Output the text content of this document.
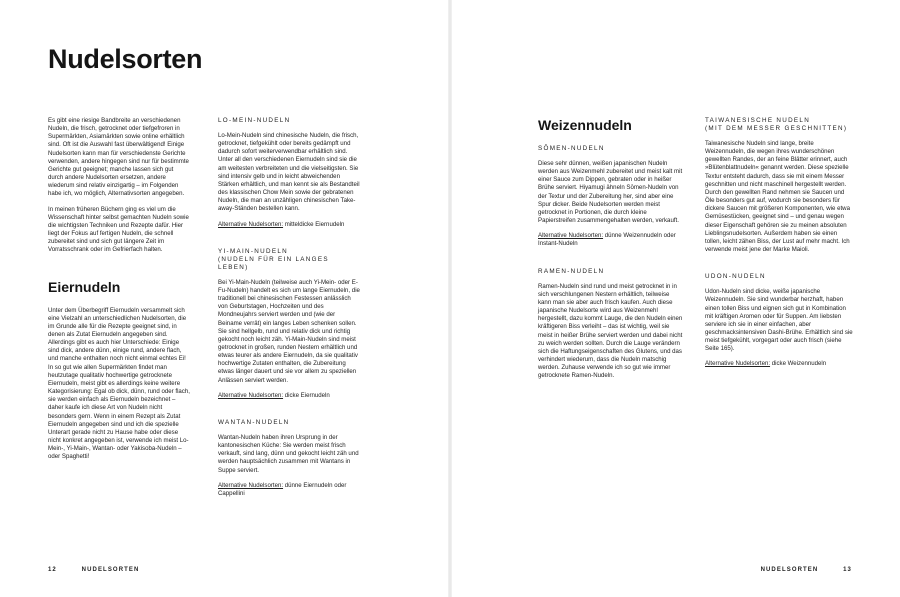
Nudelsorten

Es gibt eine riesige Bandbreite an verschiedenen Nudeln, die frisch, getrocknet oder tiefgefroren in Supermärkten, Asiamärkten sowie online erhältlich sind. Oft ist die Auswahl fast überwältigend! Einige Nudelsorten kann man für verschiedenste Gerichte verwenden, andere hingegen sind nur für bestimmte Gerichte gut geeignet; manche lassen sich gut durch andere Nudelsorten ersetzen, andere wiederum sind relativ einzigartig – im Folgenden habe ich, wo möglich, Alternativsorten angegeben.

In meinen früheren Büchern ging es viel um die Wissenschaft hinter selbst gemachten Nudeln sowie die wichtigsten Techniken und Rezepte dafür. Hier liegt der Fokus auf fertigen Nudeln, die schnell zubereitet sind und sich gut längere Zeit im Vorratsschrank oder im Gefrierfach halten.

Eiernudeln

Unter dem Überbegriff Eiernudeln versammelt sich eine Vielzahl an unterschiedlichen Nudelsorten, die im Grunde alle für die Rezepte geeignet sind, in denen als Zutat Eiernudeln angegeben sind. Allerdings gibt es auch hier Unterschiede: Einige sind dick, andere dünn, einige rund, andere flach, und manche enthalten noch nicht einmal echtes Ei! In so gut wie allen Supermärkten findet man heutzutage qualitativ hochwertige getrocknete Eiernudeln, meist gibt es allerdings keine weitere Kategorisierung: Egal ob dick, dünn, rund oder flach, sie werden einfach als Eiernudeln bezeichnet – daher kaufe ich diese Art von Nudeln nicht besonders gern. Wenn in einem Rezept als Zutat Eiernudeln angegeben sind und ich die spezielle Unterart gerade nicht zu Hause habe oder diese nicht konkret angegeben ist, verwende ich meist Lo-Mein-, Yi-Main-, Wantan- oder Yakisoba-Nudeln – oder Spaghetti!

LO-MEIN-NUDELN

Lo-Mein-Nudeln sind chinesische Nudeln, die frisch, getrocknet, tiefgekühlt oder bereits gedämpft und dadurch sofort weiterverwendbar erhältlich sind. Unter all den verschiedenen Eiernudeln sind sie die am weitesten verbreiteten und die vielseitigsten. Sie sind intensiv gelb und in leicht abweichenden Stärken erhältlich, und man kennt sie als Bestandteil des klassischen Chow Mein sowie der gebratenen Nudeln, die man an unzähligen chinesischen Take-away-Ständen bestellen kann.

Alternative Nudelsorten: mitteldicke Eiernudeln

YI-MAIN-NUDELN
(NUDELN FÜR EIN LANGES LEBEN)

Bei Yi-Main-Nudeln (teilweise auch Yi-Mein- oder E-Fu-Nudeln) handelt es sich um lange Eiernudeln, die traditionell bei chinesischen Festessen anlässlich von Geburtstagen, Hochzeiten und des Mondneujahrs serviert werden und (wie der Beiname verrät) ein langes Leben schenken sollen. Sie sind hellgelb, rund und relativ dick und richtig gekocht noch leicht zäh. Yi-Main-Nudeln sind meist getrocknet in großen, runden Nestern erhältlich und etwas teurer als andere Eiernudeln, da sie qualitativ hochwertige Zutaten enthalten, die Zubereitung etwas länger dauert und sie vor allem zu speziellen Anlässen serviert werden.

Alternative Nudelsorten: dicke Eiernudeln

WANTAN-NUDELN

Wantan-Nudeln haben ihren Ursprung in der kantonesischen Küche: Sie werden meist frisch verkauft, sind lang, dünn und gekocht leicht zäh und werden hauptsächlich zusammen mit Wantans in Suppe serviert.

Alternative Nudelsorten: dünne Eiernudeln oder Cappellini

12	NUDELSORTEN
Weizennudeln
SŌMEN-NUDELN

Diese sehr dünnen, weißen japanischen Nudeln werden aus Weizenmehl zubereitet und meist kalt mit einer Sauce zum Dippen, gebraten oder in heißer Brühe serviert. Hiyamugi ähneln Sōmen-Nudeln von der Textur und der Zubereitung her, sind aber eine Spur dicker. Beide Nudelsorten werden meist getrocknet in Portionen, die durch kleine Papierstreifen zusammengehalten werden, verkauft.

Alternative Nudelsorten: dünne Weizennudeln oder Instant-Nudeln

RAMEN-NUDELN

Ramen-Nudeln sind rund und meist getrocknet in in sich verschlungenen Nestern erhältlich, teilweise kann man sie aber auch frisch kaufen. Auch diese japanische Nudelsorte wird aus Weizenmehl hergestellt, dazu kommt Lauge, die den Nudeln einen kräftigeren Biss verleiht – das ist wichtig, weil sie meist in heißer Brühe serviert werden und dabei nicht zu weich werden sollten. Durch die Lauge verändern sich die Haftungseigenschaften des Glutens, und das verhindert wiederum, dass die Nudeln matschig werden. Zuhause verwende ich so gut wie immer getrocknete Ramen-Nudeln.

TAIWANESISCHE NUDELN
(MIT DEM MESSER GESCHNITTEN)

Taiwanesische Nudeln sind lange, breite Weizennudeln, die wegen ihres wunderschönen gewellten Randes, der an feine Blätter erinnert, auch »Blütenblattnudeln« genannt werden. Diese spezielle Textur entsteht dadurch, dass sie mit einem Messer geschnitten und nicht maschinell hergestellt werden. Durch den gewellten Rand nehmen sie Saucen und Öle besonders gut auf, wodurch sie besonders für dickere Saucen mit größeren Komponenten, wie etwa Gemüsestücken, geeignet sind – und genau wegen dieser Eigenschaft gehören sie zu meinen absoluten Lieblingsnudelsorten. Außerdem haben sie einen tollen, leicht zähen Biss, der Lust auf mehr macht. Ich verwende meist jene der Marke Maioli.

UDON-NUDELN

Udon-Nudeln sind dicke, weiße japanische Weizennudeln. Sie sind wunderbar herzhaft, haben einen tollen Biss und eignen sich gut in Kombination mit kräftigen Aromen oder für Suppen. Am liebsten serviere ich sie in einer einfachen, aber geschmacksintensiven Dashi-Brühe. Erhältlich sind sie meist tiefgekühlt, vorgegart oder auch frisch (siehe Seite 165).

Alternative Nudelsorten: dicke Weizennudeln

NUDELSORTEN	13
